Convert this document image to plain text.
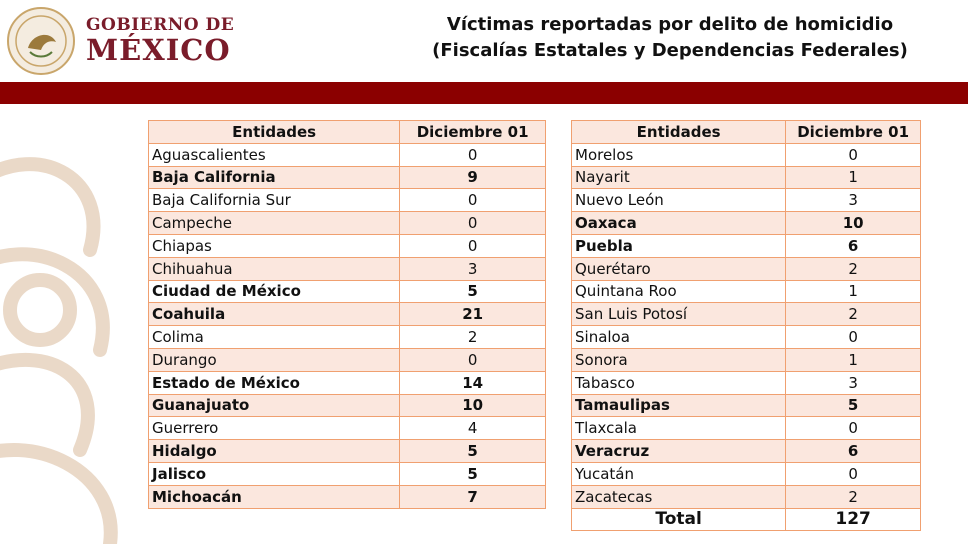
GOBIERNO DE
MÉXICO
Víctimas reportadas por delito de homicidio
(Fiscalías Estatales y Dependencias Federales)
Entidades	Diciembre 01
Aguascalientes	0
Baja California	9
Baja California Sur	0
Campeche	0
Chiapas	0
Chihuahua	3
Ciudad de México	5
Coahuila	21
Colima	2
Durango	0
Estado de México	14
Guanajuato	10
Guerrero	4
Hidalgo	5
Jalisco	5
Michoacán	7
Entidades	Diciembre 01
Morelos	0
Nayarit	1
Nuevo León	3
Oaxaca	10
Puebla	6
Querétaro	2
Quintana Roo	1
San Luis Potosí	2
Sinaloa	0
Sonora	1
Tabasco	3
Tamaulipas	5
Tlaxcala	0
Veracruz	6
Yucatán	0
Zacatecas	2
Total	127
